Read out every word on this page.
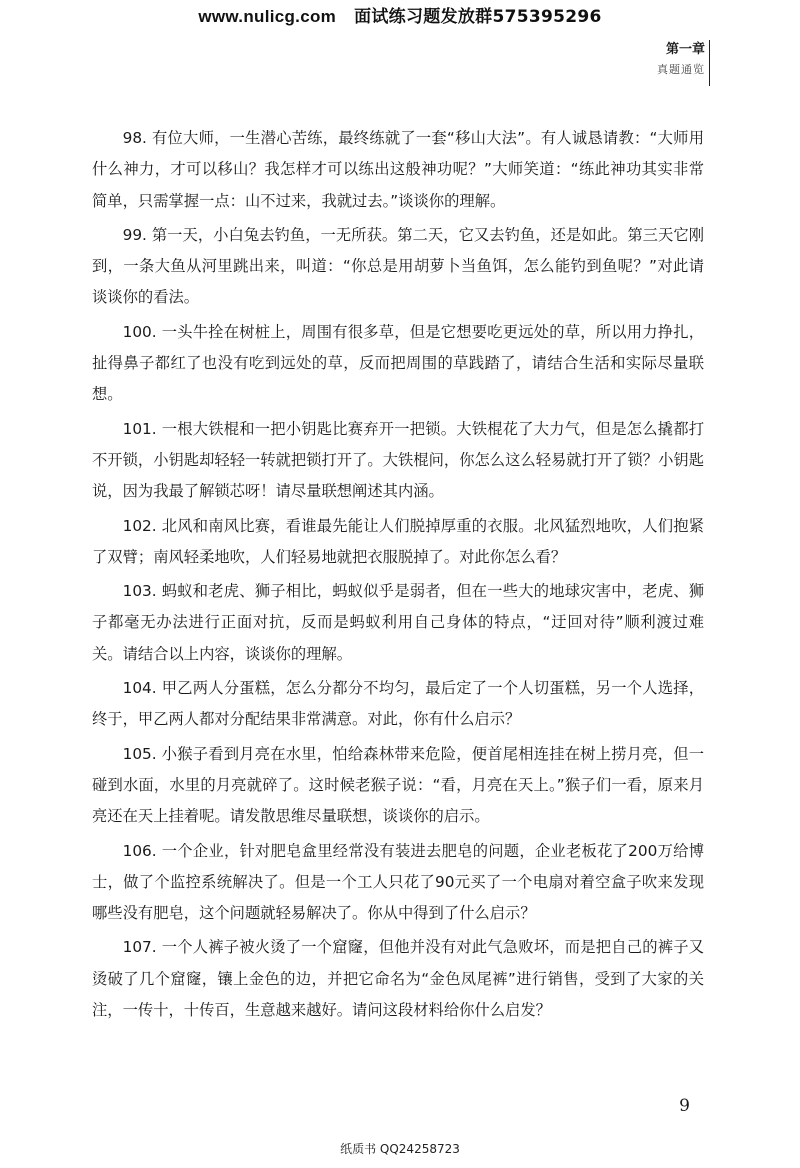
www.nulicg.com 面试练习题发放群575395296
第一章
真题通览

98. 有位大师，一生潜心苦练，最终练就了一套“移山大法”。有人诚恳请教：“大师用什么神力，才可以移山？我怎样才可以练出这般神功呢？”大师笑道：“练此神功其实非常简单，只需掌握一点：山不过来，我就过去。”谈谈你的理解。

99. 第一天，小白兔去钓鱼，一无所获。第二天，它又去钓鱼，还是如此。第三天它刚到，一条大鱼从河里跳出来，叫道：“你总是用胡萝卜当鱼饵，怎么能钓到鱼呢？”对此请谈谈你的看法。

100. 一头牛拴在树桩上，周围有很多草，但是它想要吃更远处的草，所以用力挣扎，扯得鼻子都红了也没有吃到远处的草，反而把周围的草践踏了，请结合生活和实际尽量联想。

101. 一根大铁棍和一把小钥匙比赛弃开一把锁。大铁棍花了大力气，但是怎么撬都打不开锁，小钥匙却轻轻一转就把锁打开了。大铁棍问，你怎么这么轻易就打开了锁？小钥匙说，因为我最了解锁芯呀！请尽量联想阐述其内涵。

102. 北风和南风比赛，看谁最先能让人们脱掉厚重的衣服。北风猛烈地吹，人们抱紧了双臂；南风轻柔地吹，人们轻易地就把衣服脱掉了。对此你怎么看？

103. 蚂蚁和老虎、狮子相比，蚂蚁似乎是弱者，但在一些大的地球灾害中，老虎、狮子都毫无办法进行正面对抗，反而是蚂蚁利用自己身体的特点，“迂回对待”顺利渡过难关。请结合以上内容，谈谈你的理解。

104. 甲乙两人分蛋糕，怎么分都分不均匀，最后定了一个人切蛋糕，另一个人选择，终于，甲乙两人都对分配结果非常满意。对此，你有什么启示？

105. 小猴子看到月亮在水里，怕给森林带来危险，便首尾相连挂在树上捞月亮，但一碰到水面，水里的月亮就碎了。这时候老猴子说：“看，月亮在天上。”猴子们一看，原来月亮还在天上挂着呢。请发散思维尽量联想，谈谈你的启示。

106. 一个企业，针对肥皂盒里经常没有装进去肥皂的问题，企业老板花了200万给博士，做了个监控系统解决了。但是一个工人只花了90元买了一个电扇对着空盒子吹来发现哪些没有肥皂，这个问题就轻易解决了。你从中得到了什么启示？

107. 一个人裤子被火烫了一个窟窿，但他并没有对此气急败坏，而是把自己的裤子又烫破了几个窟窿，镶上金色的边，并把它命名为“金色凤尾裤”进行销售，受到了大家的关注，一传十，十传百，生意越来越好。请问这段材料给你什么启发？

9
纸质书 QQ24258723
